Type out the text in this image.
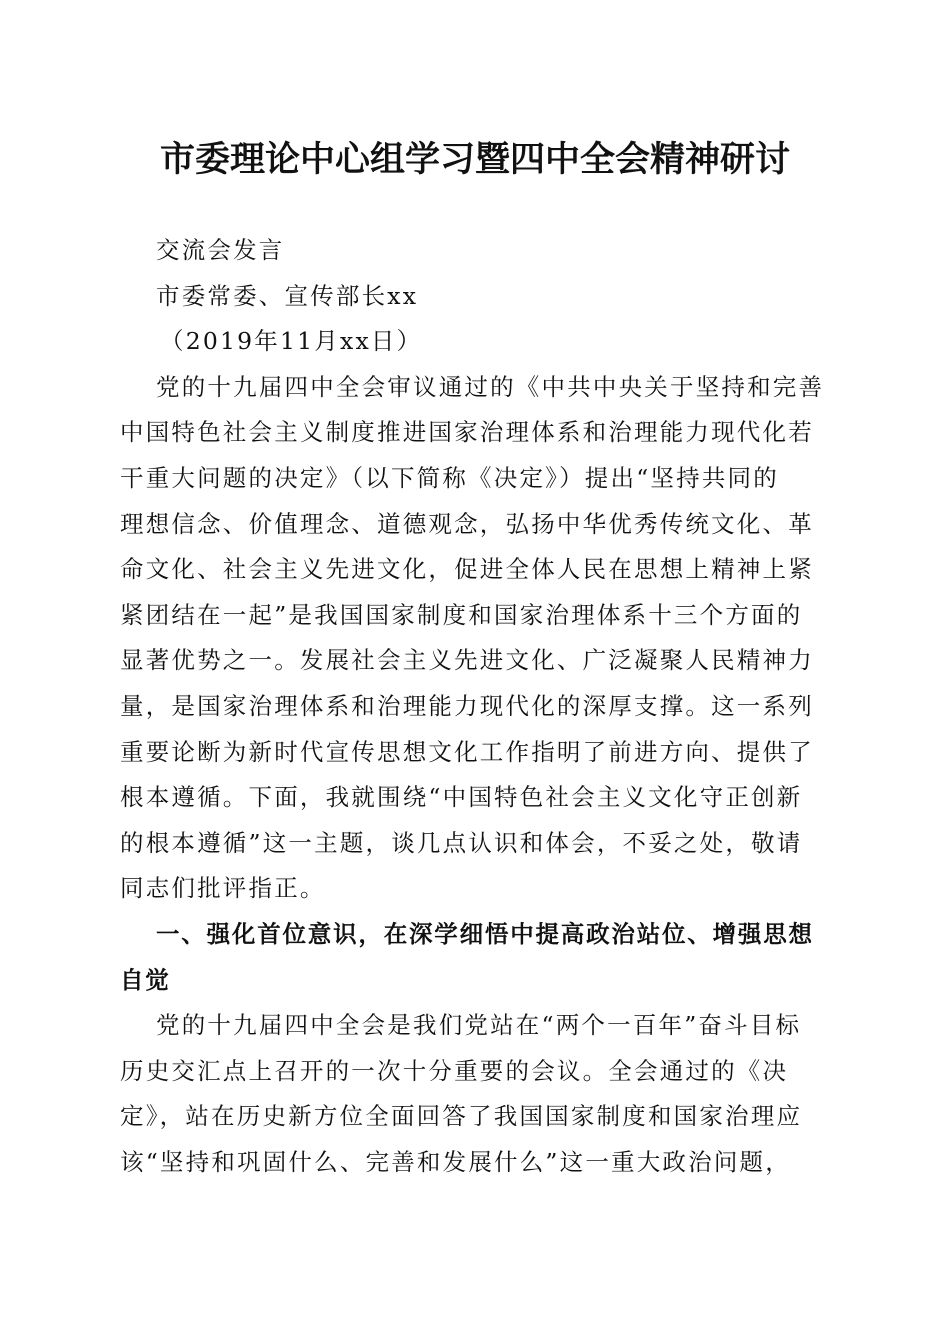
市委理论中心组学习暨四中全会精神研讨
交流会发言
市委常委、宣传部长xx
（2019年11月xx日）
党的十九届四中全会审议通过的《中共中央关于坚持和完善
中国特色社会主义制度推进国家治理体系和治理能力现代化若
干重大问题的决定》（以下简称《决定》）提出“坚持共同的
理想信念、价值理念、道德观念，弘扬中华优秀传统文化、革
命文化、社会主义先进文化，促进全体人民在思想上精神上紧
紧团结在一起”是我国国家制度和国家治理体系十三个方面的
显著优势之一。发展社会主义先进文化、广泛凝聚人民精神力
量，是国家治理体系和治理能力现代化的深厚支撑。这一系列
重要论断为新时代宣传思想文化工作指明了前进方向、提供了
根本遵循。下面，我就围绕“中国特色社会主义文化守正创新
的根本遵循”这一主题，谈几点认识和体会，不妥之处，敬请
同志们批评指正。
一、强化首位意识，在深学细悟中提高政治站位、增强思想
自觉
党的十九届四中全会是我们党站在“两个一百年”奋斗目标
历史交汇点上召开的一次十分重要的会议。全会通过的《决
定》，站在历史新方位全面回答了我国国家制度和国家治理应
该“坚持和巩固什么、完善和发展什么”这一重大政治问题，
